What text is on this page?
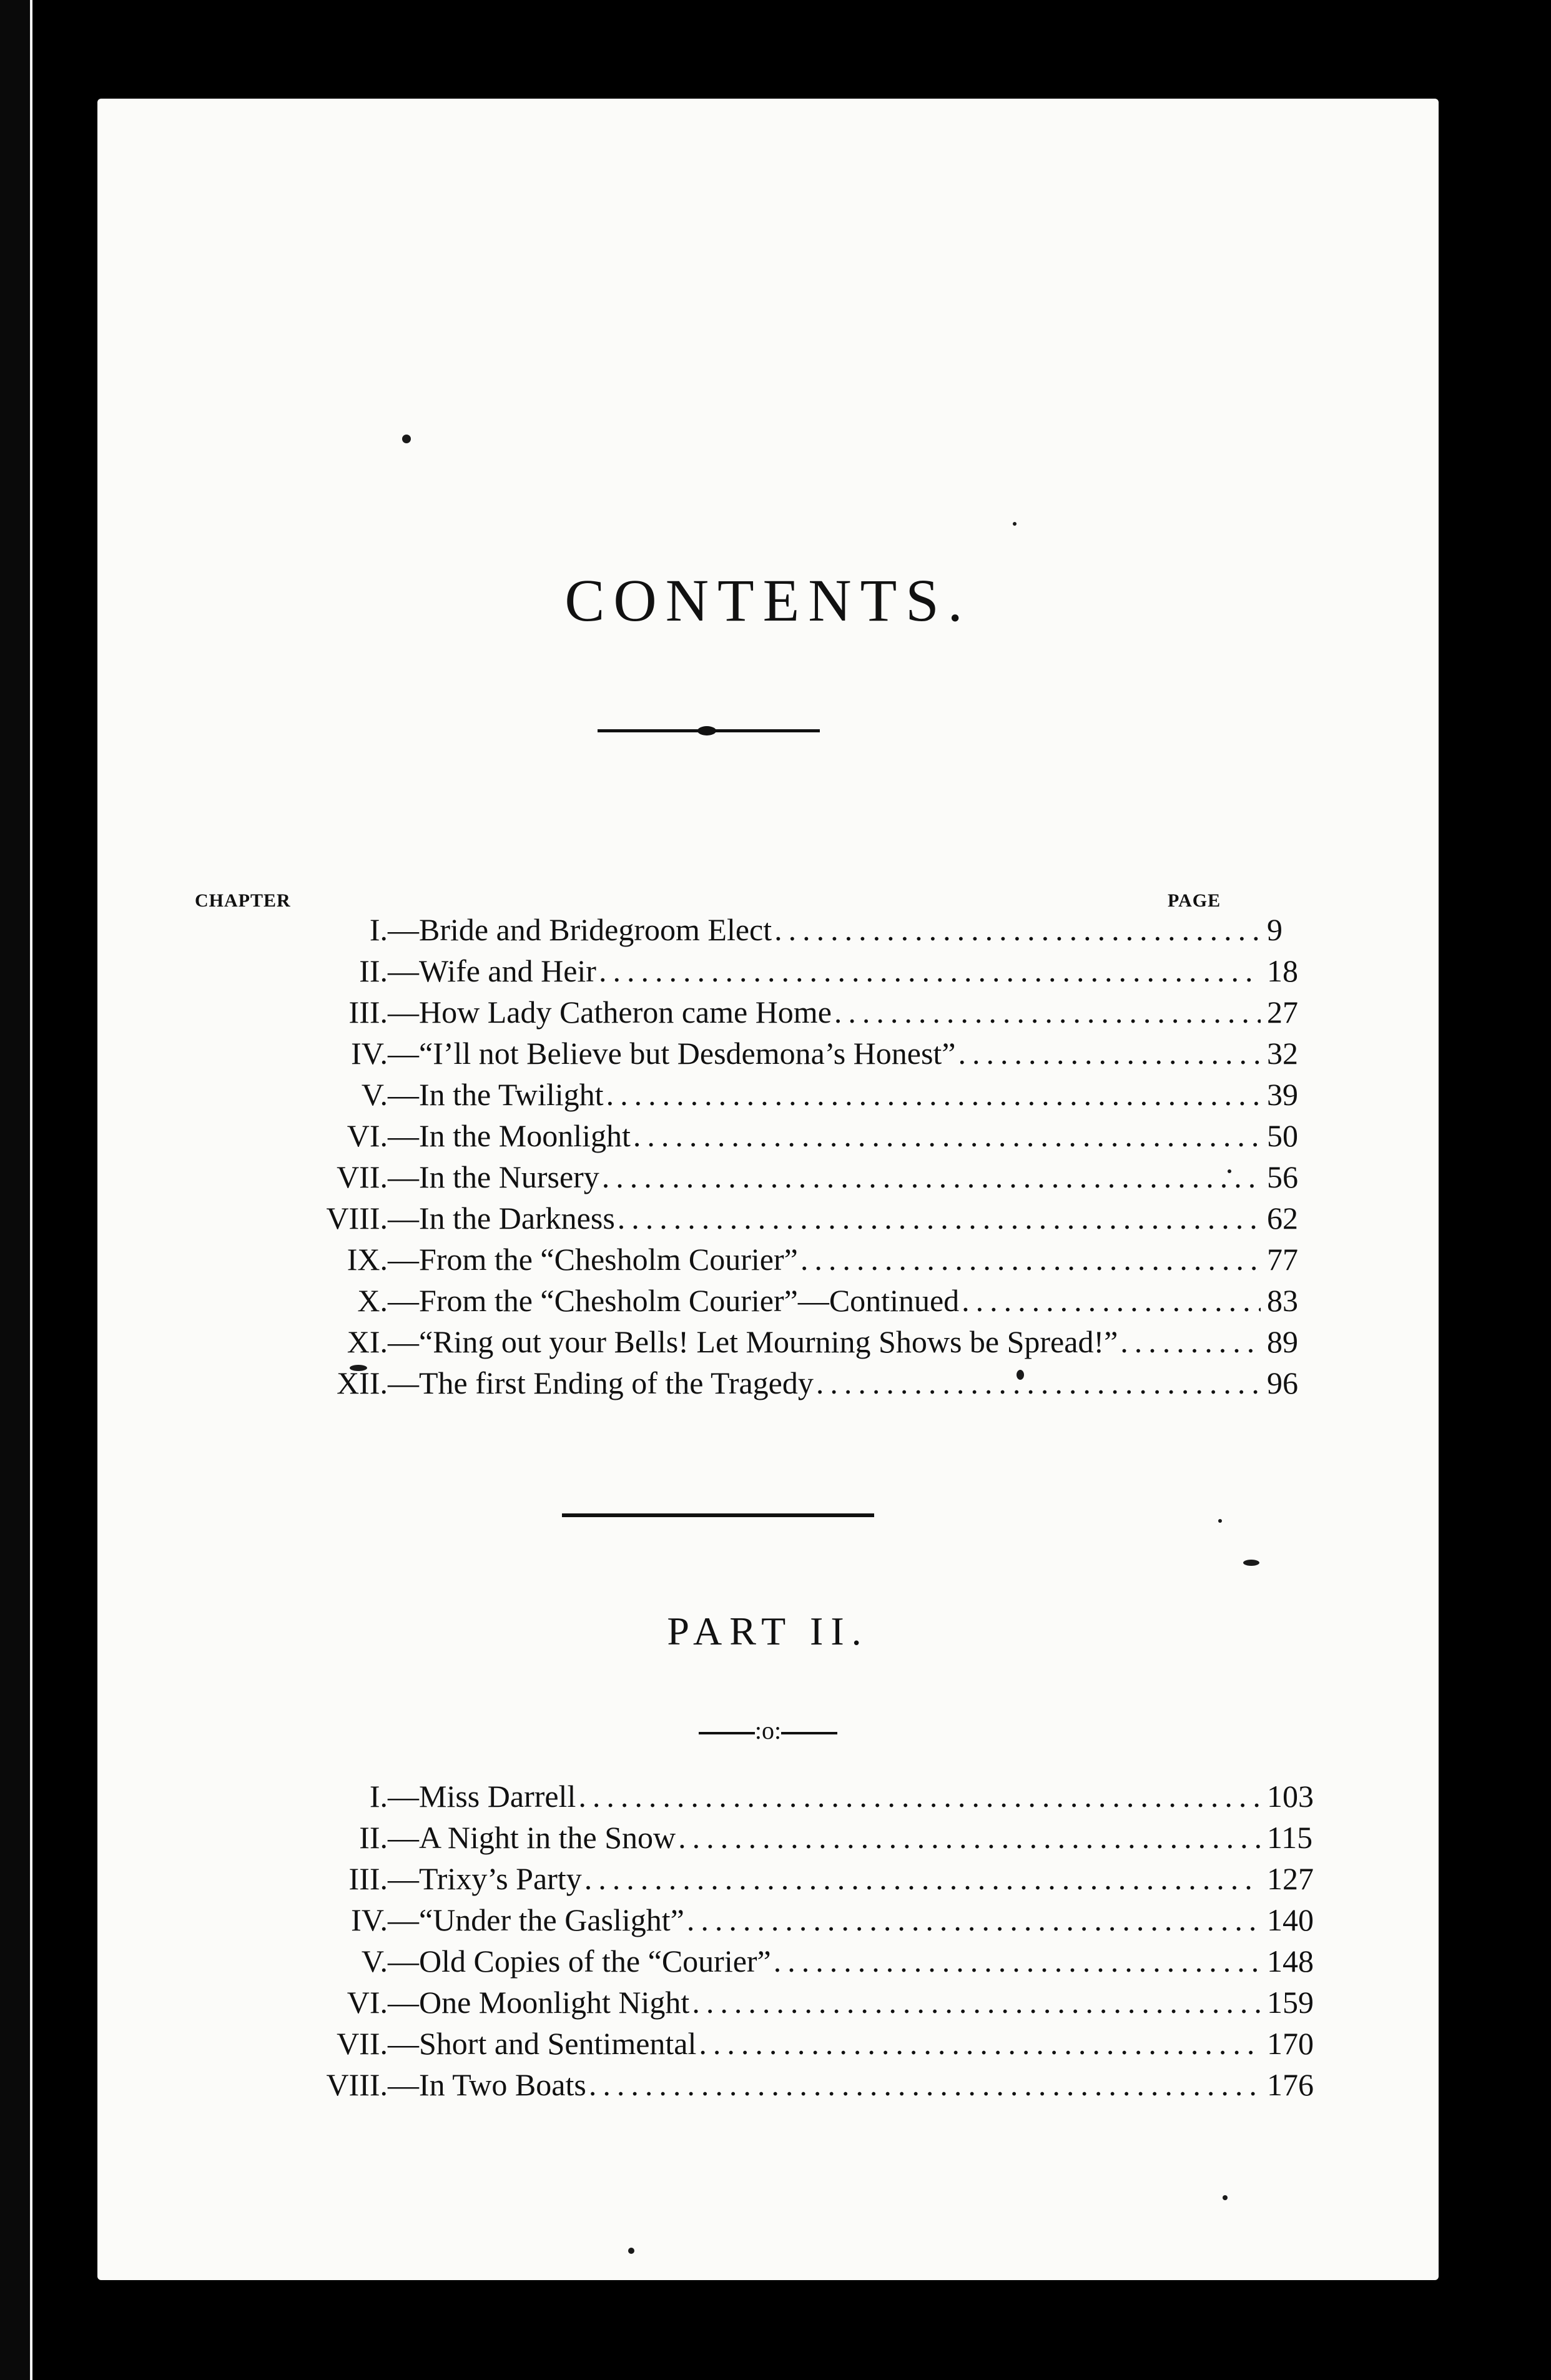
CONTENTS.
CHAPTER	PAGE
I.— Bride and Bridegroom Elect .....	9
II.— Wife and Heir .....	18
III.— How Lady Catheron came Home .....	27
IV.— “I’ll not Believe but Desdemona’s Honest” .....	32
V.— In the Twilight .....	39
VI.— In the Moonlight .....	50
VII.— In the Nursery .....	56
VIII.— In the Darkness .....	62
IX.— From the “Chesholm Courier” .....	77
X.— From the “Chesholm Courier”—Continued .....	83
XI.— “Ring out your Bells! Let Mourning Shows be Spread!” .....	89
XII.— The first Ending of the Tragedy .....	96
PART II.
:o:
I.— Miss Darrell .....	103
II.— A Night in the Snow .....	115
III.— Trixy’s Party .....	127
IV.— “Under the Gaslight” .....	140
V.— Old Copies of the “Courier” .....	148
VI.— One Moonlight Night .....	159
VII.— Short and Sentimental .....	170
VIII.— In Two Boats .....	176
